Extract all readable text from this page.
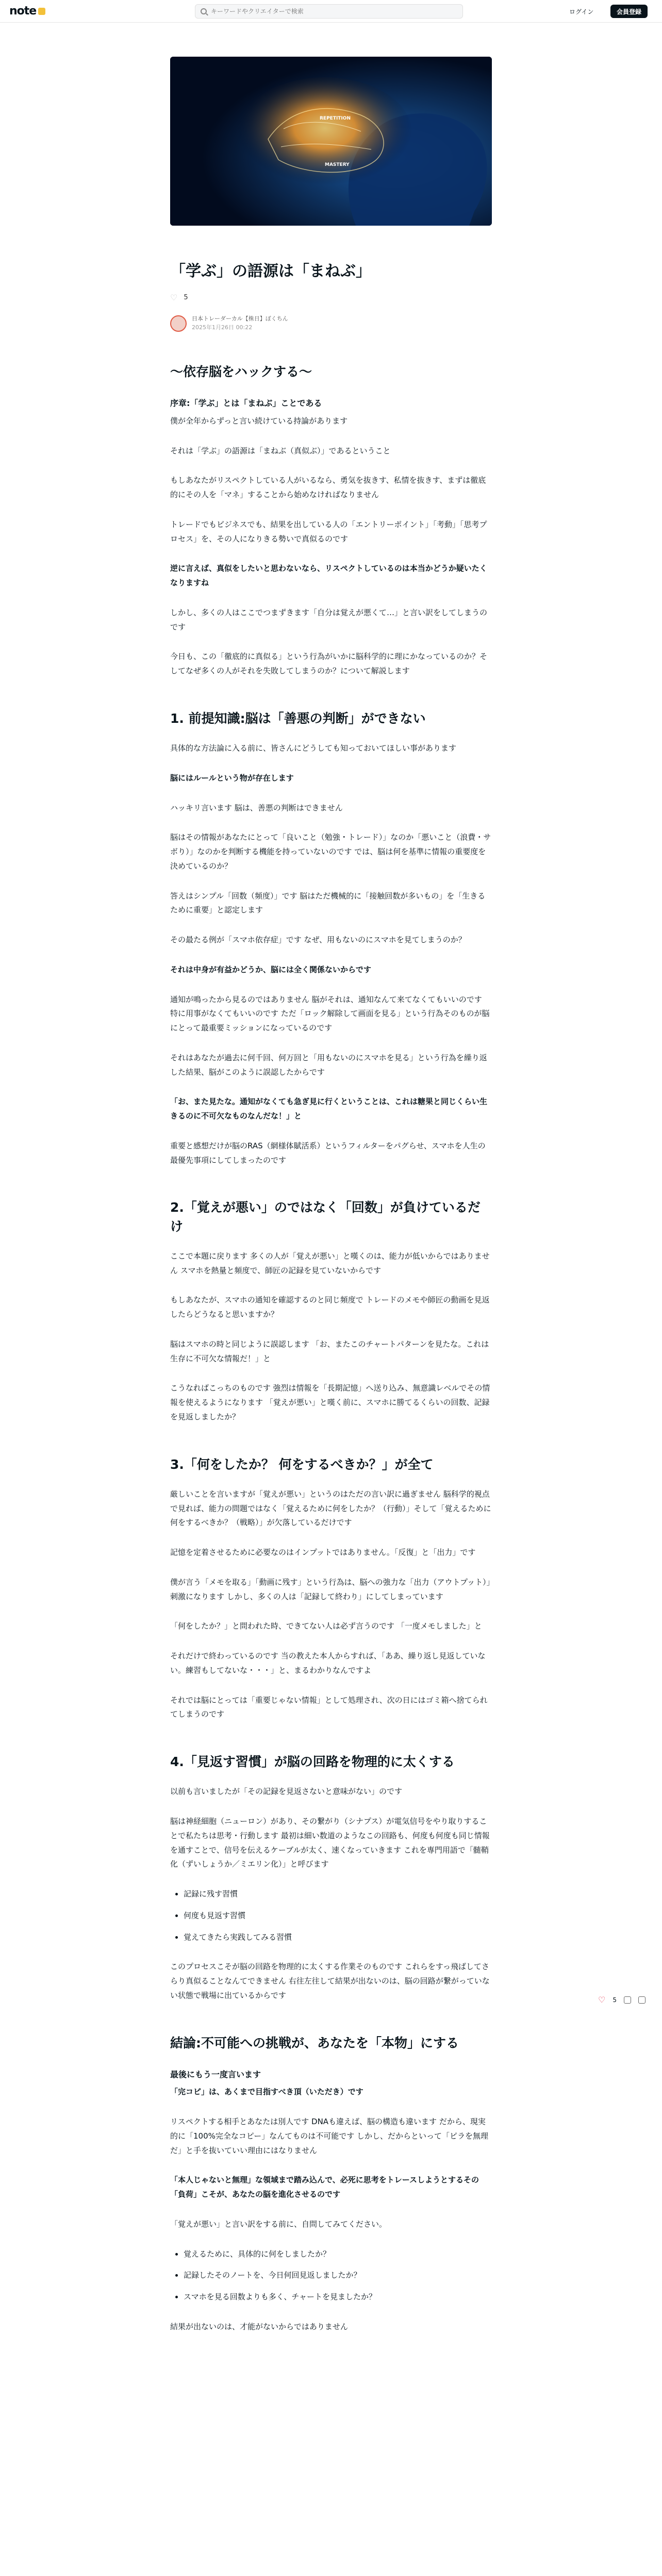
note
キーワードやクリエイターで検索	ログイン	会員登録
REPETITION
MASTERY
「学ぶ」の語源は「まねぶ」
♡ 5
日本トレーダーカル【株日】ぼくちん
2025年1月26日 00:22
〜依存脳をハックする〜
序章:「学ぶ」とは「まねぶ」ことである

僕が全年からずっと言い続けている持論があります

それは「学ぶ」の語源は「まねぶ（真似ぶ）」であるということ

もしあなたがリスペクトしている人がいるなら、勇気を抜きす、私情を抜きす、まずは徹底的にその人を「マネ」することから始めなければなりません

トレードでもビジネスでも、結果を出している人の「エントリーポイント」「考動」「思考プロセス」を、その人になりきる勢いで真似るのです

逆に言えば、真似をしたいと思わないなら、リスペクトしているのは本当かどうか疑いたくなりますね

しかし、多くの人はここでつまずきます「自分は覚えが悪くて…」と言い訳をしてしまうのです

今日も、この「徹底的に真似る」という行為がいかに脳科学的に理にかなっているのか？そしてなぜ多くの人がそれを失敗してしまうのか？について解説します

1. 前提知識:脳は「善悪の判断」ができない

具体的な方法論に入る前に、皆さんにどうしても知っておいてほしい事があります

脳にはルールという物が存在します

ハッキリ言います 脳は、善悪の判断はできません

脳はその情報があなたにとって「良いこと（勉強・トレード）」なのか「悪いこと（浪費・サボり）」なのかを判断する機能を持っていないのです では、脳は何を基準に情報の重要度を決めているのか？

答えはシンプル「回数（頻度）」です 脳はただ機械的に「接触回数が多いもの」を「生きるために重要」と認定します

その最たる例が「スマホ依存症」です なぜ、用もないのにスマホを見てしまうのか？

それは中身が有益かどうか、脳には全く関係ないからです

通知が鳴ったから見るのではありません 脳がそれは、通知なんて来てなくてもいいのです 特に用事がなくてもいいのです ただ「ロック解除して画面を見る」という行為そのものが脳にとって最重要ミッションになっているのです

それはあなたが過去に何千回、何万回と「用もないのにスマホを見る」という行為を繰り返した結果、脳がこのように誤認したからです

「お、また見たな。通知がなくても急ぎ見に行くということは、これは糖果と同じくらい生きるのに不可欠なものなんだな！」と

重要と感想だけが脳のRAS（網様体賦活系）というフィルターをパグらせ、スマホを人生の最優先事項にしてしまったのです

2.「覚えが悪い」のではなく「回数」が負けているだけ

ここで本題に戻ります 多くの人が「覚えが悪い」と嘆くのは、能力が低いからではありません スマホを熱量と頻度で、師匠の記録を見ていないからです

もしあなたが、スマホの通知を確認するのと同じ頻度で トレードのメモや師匠の動画を見返したらどうなると思いますか？

脳はスマホの時と同じように誤認します 「お、またこのチャートパターンを見たな。これは生存に不可欠な情報だ！」と

こうなればこっちのものです 強烈は情報を「長期記憶」へ送り込み、無意識レベルでその情報を使えるようになります 「覚えが悪い」と嘆く前に、スマホに勝てるくらいの回数、記録を見返しましたか？

3.「何をしたか？ 何をするべきか？」が全て

厳しいことを言いますが「覚えが悪い」というのはただの言い訳に過ぎません 脳科学的視点で見れば、能力の問題ではなく「覚えるために何をしたか？（行動）」そして「覚えるために何をするべきか？（戦略）」が欠落しているだけです

記憶を定着させるために必要なのはインプットではありません。「反復」と「出力」です

僕が言う「メモを取る」「動画に残す」という行為は、脳への強力な「出力（アウトプット）」刺激になります しかし、多くの人は「記録して終わり」にしてしまっています

「何をしたか？」と問われた時、できてない人は必ず言うのです 「一度メモしました」と

それだけで終わっているのです 当の教えた本人からすれば、「ああ、繰り返し見返していない。練習もしてないな・・・」と、まるわかりなんですよ

それでは脳にとっては「重要じゃない情報」として処理され、次の日にはゴミ箱へ捨てられてしまうのです

4.「見返す習慣」が脳の回路を物理的に太くする

以前も言いましたが「その記録を見返さないと意味がない」のです

脳は神経細胞（ニューロン）があり、その繋がり（シナプス）が電気信号をやり取りすることで私たちは思考・行動します 最初は細い数道のようなこの回路も、何度も何度も同じ情報を通すことで、信号を伝えるケーブルが太く、速くなっていきます これを専門用語で「髄鞘化（ずいしょうか／ミエリン化）」と呼びます

• 記録に残す習慣
• 何度も見返す習慣
• 覚えてきたら実践してみる習慣

このプロセスこそが脳の回路を物理的に太くする作業そのものです これらをすっ飛ばしてさらり真似ることなんてできません 右往左往して結果が出ないのは、脳の回路が繋がっていない状態で戦場に出ているからです

結論:不可能への挑戦が、あなたを「本物」にする
最後にもう一度言います

「完コピ」は、あくまで目指すべき頂（いただき）です

リスペクトする相手とあなたは別人です DNAも違えば、脳の構造も違います だから、現実的に「100%完全なコピー」なんてものは不可能です しかし、だからといって「ピラを無理だ」と手を抜いていい理由にはなりません

「本人じゃないと無理」な領域まで踏み込んで、必死に思考をトレースしようとするその「負荷」こそが、あなたの脳を進化させるのです

「覚えが悪い」と言い訳をする前に、自問してみてください。

• 覚えるために、具体的に何をしましたか？
• 記録したそのノートを、今日何回見返しましたか？
• スマホを見る回数よりも多く、チャートを見ましたか？

結果が出ないのは、才能がないからではありません

♡ 5
